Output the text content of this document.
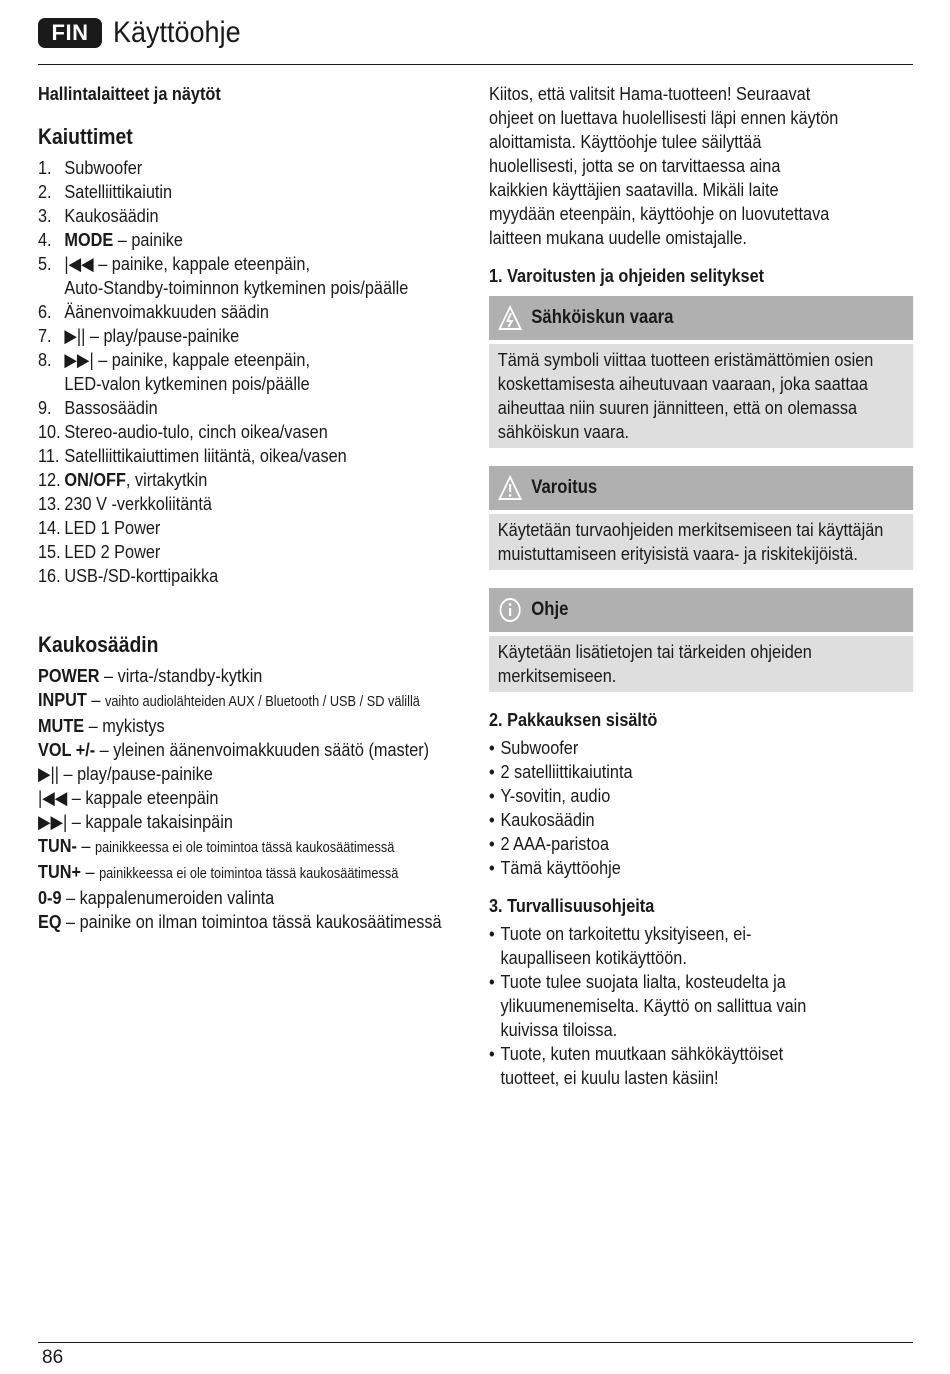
FIN Käyttöohje

Hallintalaitteet ja näytöt

Kaiuttimet

1. Subwoofer
2. Satelliittikaiutin
3. Kaukosäädin
4. MODE – painike
5. |◀◀ – painike, kappale eteenpäin,
Auto-Standby-toiminnon kytkeminen pois/päälle
6. Äänenvoimakkuuden säädin
7. ▶|| – play/pause-painike
8. ▶▶| – painike, kappale eteenpäin,
LED-valon kytkeminen pois/päälle
9. Bassosäädin
10. Stereo-audio-tulo, cinch oikea/vasen
11. Satelliittikaiuttimen liitäntä, oikea/vasen
12. ON/OFF, virtakytkin
13. 230 V -verkkoliitäntä
14. LED 1 Power
15. LED 2 Power
16. USB-/SD-korttipaikka

Kaukosäädin

POWER – virta-/standby-kytkin

INPUT – vaihto audiolähteiden AUX / Bluetooth / USB / SD välillä

MUTE – mykistys

VOL +/- – yleinen äänenvoimakkuuden säätö (master)

▶|| – play/pause-painike

|◀◀ – kappale eteenpäin

▶▶| – kappale takaisinpäin

TUN- – painikkeessa ei ole toimintoa tässä kaukosäätimessä

TUN+ – painikkeessa ei ole toimintoa tässä kaukosäätimessä

0-9 – kappalenumeroiden valinta

EQ – painike on ilman toimintoa tässä kaukosäätimessä

Kiitos, että valitsit Hama-tuotteen! Seuraavat ohjeet on luettava huolellisesti läpi ennen käytön aloittamista. Käyttöohje tulee säilyttää huolellisesti, jotta se on tarvittaessa aina kaikkien käyttäjien saatavilla. Mikäli laite myydään eteenpäin, käyttöohje on luovutettava laitteen mukana uudelle omistajalle.

1. Varoitusten ja ohjeiden selitykset

Sähköiskun vaara
Tämä symboli viittaa tuotteen eristämättömien osien koskettamisesta aiheutuvaan vaaraan, joka saattaa aiheuttaa niin suuren jännitteen, että on olemassa sähköiskun vaara.
Varoitus
Käytetään turvaohjeiden merkitsemiseen tai käyttäjän muistuttamiseen erityisistä vaara- ja riskitekijöistä.
Ohje
Käytetään lisätietojen tai tärkeiden ohjeiden merkitsemiseen.

2. Pakkauksen sisältö

• Subwoofer
• 2 satelliittikaiutinta
• Y-sovitin, audio
• Kaukosäädin
• 2 AAA-paristoa
• Tämä käyttöohje

3. Turvallisuusohjeita

• Tuote on tarkoitettu yksityiseen, ei-kaupalliseen kotikäyttöön.
• Tuote tulee suojata lialta, kosteudelta ja ylikuumenemiselta. Käyttö on sallittua vain kuivissa tiloissa.
• Tuote, kuten muutkaan sähkökäyttöiset tuotteet, ei kuulu lasten käsiin!
86
